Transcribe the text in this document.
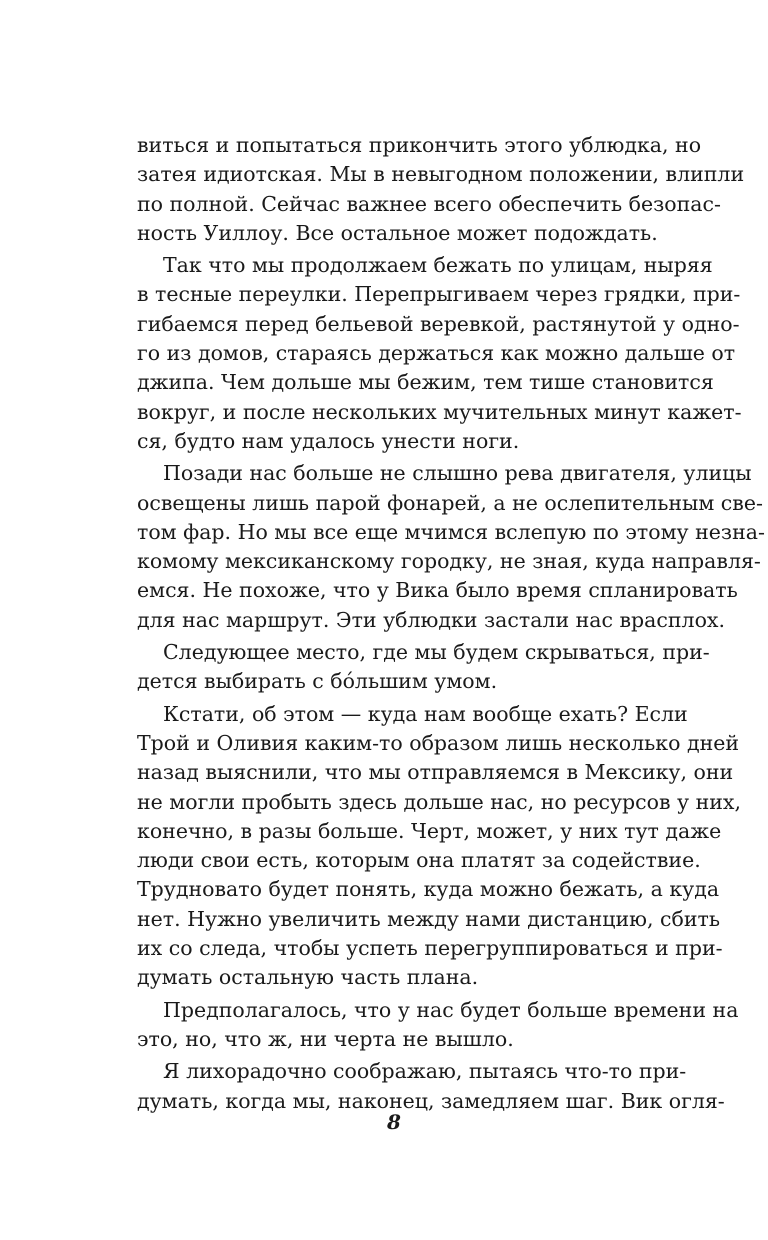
виться и попытаться прикончить этого ублюдка, но
затея идиотская. Мы в невыгодном положении, влипли
по полной. Сейчас важнее всего обеспечить безопас-
ность Уиллоу. Все остальное может подождать.
Так что мы продолжаем бежать по улицам, ныряя
в тесные переулки. Перепрыгиваем через грядки, при-
гибаемся перед бельевой веревкой, растянутой у одно-
го из домов, стараясь держаться как можно дальше от
джипа. Чем дольше мы бежим, тем тише становится
вокруг, и после нескольких мучительных минут кажет-
ся, будто нам удалось унести ноги.
Позади нас больше не слышно рева двигателя, улицы
освещены лишь парой фонарей, а не ослепительным све-
том фар. Но мы все еще мчимся вслепую по этому незна-
комому мексиканскому городку, не зная, куда направля-
емся. Не похоже, что у Вика было время спланировать
для нас маршрут. Эти ублюдки застали нас врасплох.
Следующее место, где мы будем скрываться, при-
дется выбирать с бóльшим умом.
Кстати, об этом — куда нам вообще ехать? Если
Трой и Оливия каким-то образом лишь несколько дней
назад выяснили, что мы отправляемся в Мексику, они
не могли пробыть здесь дольше нас, но ресурсов у них,
конечно, в разы больше. Черт, может, у них тут даже
люди свои есть, которым она платят за содействие.
Трудновато будет понять, куда можно бежать, а куда
нет. Нужно увеличить между нами дистанцию, сбить
их со следа, чтобы успеть перегруппироваться и при-
думать остальную часть плана.
Предполагалось, что у нас будет больше времени на
это, но, что ж, ни черта не вышло.
Я лихорадочно соображаю, пытаясь что-то при-
думать, когда мы, наконец, замедляем шаг. Вик огля-
8
